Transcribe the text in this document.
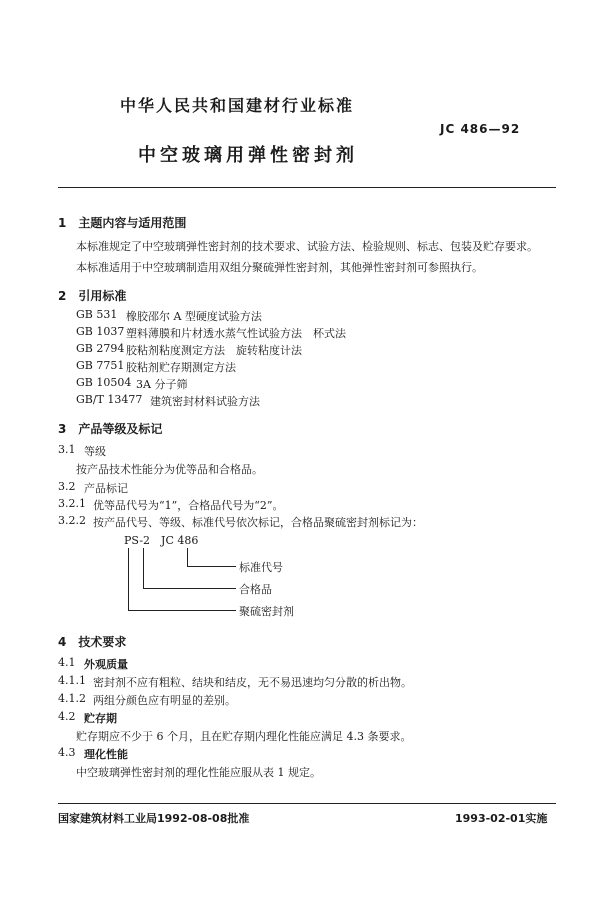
中华人民共和国建材行业标准
JC 486—92
中空玻璃用弹性密封剂
1　主题内容与适用范围
本标准规定了中空玻璃弹性密封剂的技术要求、试验方法、检验规则、标志、包装及贮存要求。
本标准适用于中空玻璃制造用双组分聚硫弹性密封剂，其他弹性密封剂可参照执行。
2　引用标准
GB 531 橡胶邵尔 A 型硬度试验方法
GB 1037 塑料薄膜和片材透水蒸气性试验方法　杯式法
GB 2794 胶粘剂粘度测定方法　旋转粘度计法
GB 7751 胶粘剂贮存期测定方法
GB 10504 3A 分子筛
GB/T 13477 建筑密封材料试验方法
3　产品等级及标记
3.1 等级
按产品技术性能分为优等品和合格品。
3.2 产品标记
3.2.1 优等品代号为“1”，合格品代号为“2”。
3.2.2 按产品代号、等级、标准代号依次标记，合格品聚硫密封剂标记为：
PS-2　JC 486
标准代号
合格品
聚硫密封剂
4　技术要求
4.1 外观质量
4.1.1 密封剂不应有粗粒、结块和结皮，无不易迅速均匀分散的析出物。
4.1.2 两组分颜色应有明显的差别。
4.2 贮存期
贮存期应不少于 6 个月，且在贮存期内理化性能应满足 4.3 条要求。
4.3 理化性能
中空玻璃弹性密封剂的理化性能应服从表 1 规定。
国家建筑材料工业局1992-08-08批准	1993-02-01实施
